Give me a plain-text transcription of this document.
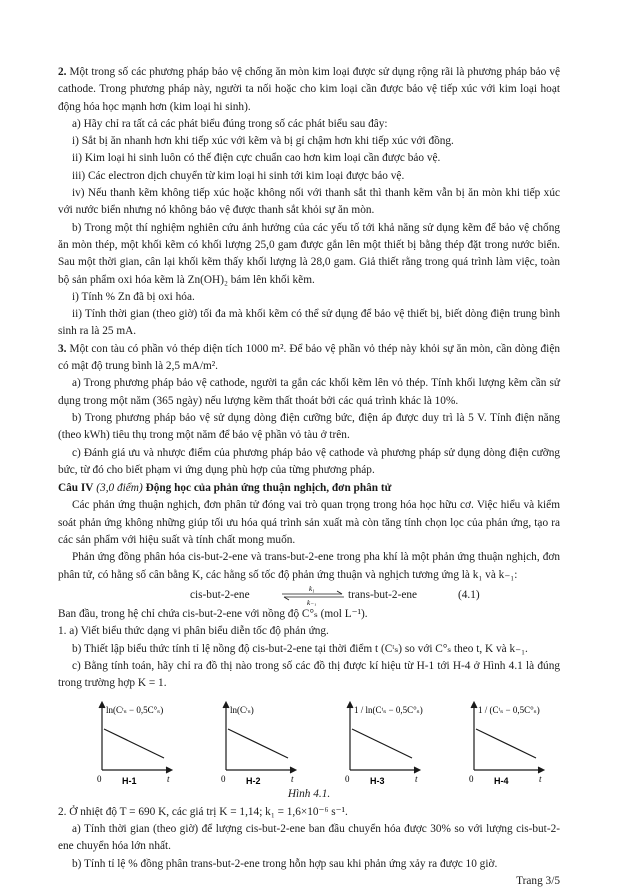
2. Một trong số các phương pháp bảo vệ chống ăn mòn kim loại được sử dụng rộng rãi là phương pháp bảo vệ cathode. Trong phương pháp này, người ta nối hoặc cho kim loại cần được bảo vệ tiếp xúc với kim loại hoạt động hóa học mạnh hơn (kim loại hi sinh).

a) Hãy chỉ ra tất cả các phát biểu đúng trong số các phát biểu sau đây:

i) Sắt bị ăn nhanh hơn khi tiếp xúc với kẽm và bị gỉ chậm hơn khi tiếp xúc với đồng.

ii) Kim loại hi sinh luôn có thế điện cực chuẩn cao hơn kim loại cần được bảo vệ.

iii) Các electron dịch chuyển từ kim loại hi sinh tới kim loại được bảo vệ.

iv) Nếu thanh kẽm không tiếp xúc hoặc không nối với thanh sắt thì thanh kẽm vẫn bị ăn mòn khi tiếp xúc với nước biển nhưng nó không bảo vệ được thanh sắt khỏi sự ăn mòn.

b) Trong một thí nghiệm nghiên cứu ảnh hưởng của các yếu tố tới khả năng sử dụng kẽm để bảo vệ chống ăn mòn thép, một khối kẽm có khối lượng 25,0 gam được gắn lên một thiết bị bằng thép đặt trong nước biển. Sau một thời gian, cân lại khối kẽm thấy khối lượng là 28,0 gam. Giả thiết rằng trong quá trình làm việc, toàn bộ sản phẩm oxi hóa kẽm là Zn(OH)₂ bám lên khối kẽm.

i) Tính % Zn đã bị oxi hóa.

ii) Tính thời gian (theo giờ) tối đa mà khối kẽm có thể sử dụng để bảo vệ thiết bị, biết dòng điện trung bình sinh ra là 25 mA.

3. Một con tàu có phần vỏ thép diện tích 1000 m². Để bảo vệ phần vỏ thép này khỏi sự ăn mòn, cần dòng điện có mật độ trung bình là 2,5 mA/m².

a) Trong phương pháp bảo vệ cathode, người ta gắn các khối kẽm lên vỏ thép. Tính khối lượng kẽm cần sử dụng trong một năm (365 ngày) nếu lượng kẽm thất thoát bởi các quá trình khác là 10%.

b) Trong phương pháp bảo vệ sử dụng dòng điện cưỡng bức, điện áp được duy trì là 5 V. Tính điện năng (theo kWh) tiêu thụ trong một năm để bảo vệ phần vỏ tàu ở trên.

c) Đánh giá ưu và nhược điểm của phương pháp bảo vệ cathode và phương pháp sử dụng dòng điện cưỡng bức, từ đó cho biết phạm vi ứng dụng phù hợp của từng phương pháp.

Câu IV (3,0 điểm) Động học của phản ứng thuận nghịch, đơn phân tử

Các phản ứng thuận nghịch, đơn phân tử đóng vai trò quan trọng trong hóa học hữu cơ. Việc hiểu và kiểm soát phản ứng không những giúp tối ưu hóa quá trình sản xuất mà còn tăng tính chọn lọc của phản ứng, tạo ra các sản phẩm với hiệu suất và tính chất mong muốn.

Phản ứng đồng phân hóa cis-but-2-ene và trans-but-2-ene trong pha khí là một phản ứng thuận nghịch, đơn phân tử, có hằng số cân bằng K, các hằng số tốc độ phản ứng thuận và nghịch tương ứng là k₁ và k₋₁:

cis-but-2-ene	k₁
k₋₁
trans-but-2-ene	(4.1)

Ban đầu, trong hệ chỉ chứa cis-but-2-ene với nồng độ C°ₛ (mol L⁻¹).

1. a) Viết biểu thức dạng vi phân biểu diễn tốc độ phản ứng.

b) Thiết lập biểu thức tính tỉ lệ nồng độ cis-but-2-ene tại thời điểm t (Cᵗₛ) so với C°ₛ theo t, K và k₋₁.

c) Bằng tính toán, hãy chỉ ra đồ thị nào trong số các đồ thị được kí hiệu từ H-1 tới H-4 ở Hình 4.1 là đúng trong trường hợp K = 1.

ln(Cᵗₛ − 0,5C°ₛ)
0 H-1	t
ln(Cᵗₛ)
0 H-2	t
1 / ln(Cᵗₛ − 0,5C°ₛ)
0 H-3	t
1 / (Cᵗₛ − 0,5C°ₛ)
0 H-4	t

Hình 4.1.

2. Ở nhiệt độ T = 690 K, các giá trị K = 1,14; k₁ = 1,6×10⁻⁶ s⁻¹.

a) Tính thời gian (theo giờ) để lượng cis-but-2-ene ban đầu chuyển hóa được 30% so với lượng cis-but-2-ene chuyển hóa lớn nhất.

b) Tính tỉ lệ % đồng phân trans-but-2-ene trong hỗn hợp sau khi phản ứng xảy ra được 10 giờ.

Trang 3/5
